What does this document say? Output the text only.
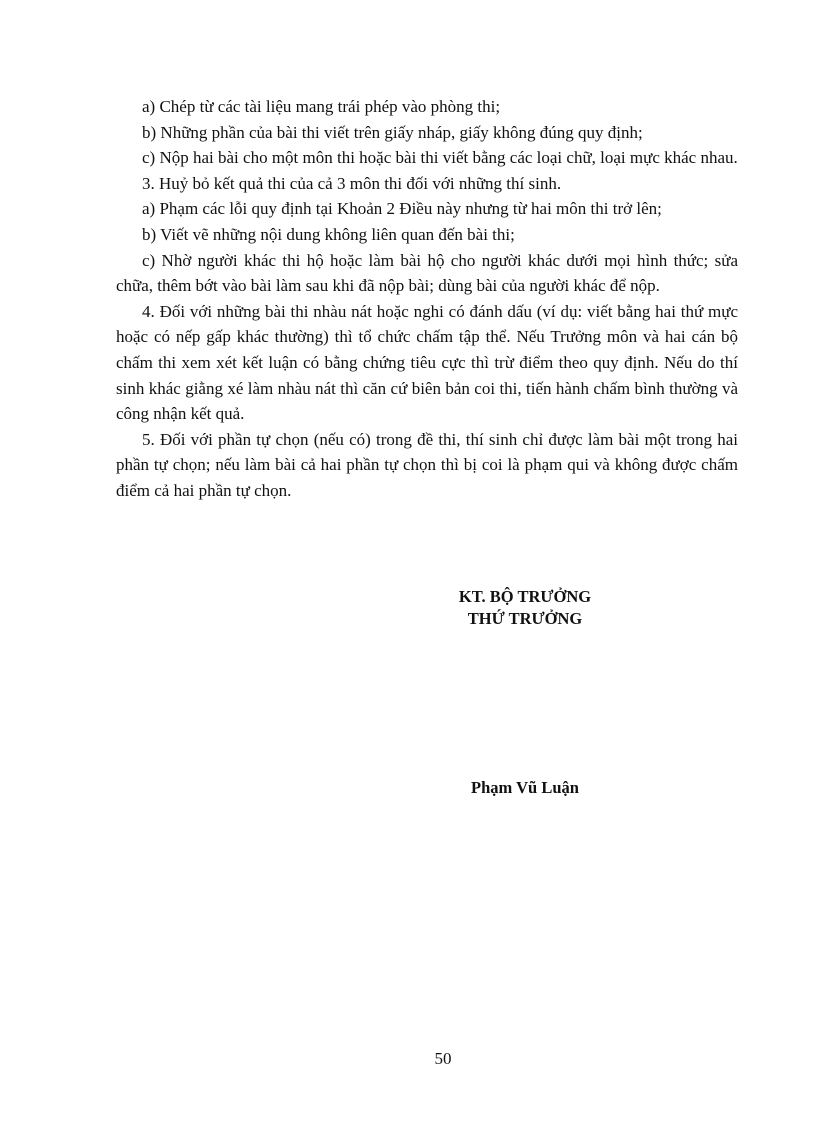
a) Chép từ các tài liệu mang trái phép vào phòng thi;

b) Những phần của bài thi viết trên giấy nháp, giấy không đúng quy định;

c) Nộp hai bài cho một môn thi hoặc bài thi viết bằng các loại chữ, loại mực khác nhau.

3. Huỷ bỏ kết quả thi của cả 3 môn thi đối với những thí sinh.

a) Phạm các lỗi quy định tại Khoản 2 Điều này nhưng từ hai môn thi trở lên;

b) Viết vẽ những nội dung không liên quan đến bài thi;

c) Nhờ người khác thi hộ hoặc làm bài hộ cho người khác dưới mọi hình thức; sửa chữa, thêm bớt vào bài làm sau khi đã nộp bài; dùng bài của người khác để nộp.

4. Đối với những bài thi nhàu nát hoặc nghi có đánh dấu (ví dụ: viết bằng hai thứ mực hoặc có nếp gấp khác thường) thì tổ chức chấm tập thể. Nếu Trưởng môn và hai cán bộ chấm thi xem xét kết luận có bằng chứng tiêu cực thì trừ điểm theo quy định. Nếu do thí sinh khác giằng xé làm nhàu nát thì căn cứ biên bản coi thi, tiến hành chấm bình thường và công nhận kết quả.

5. Đối với phần tự chọn (nếu có) trong đề thi, thí sinh chỉ được làm bài một trong hai phần tự chọn; nếu làm bài cả hai phần tự chọn thì bị coi là phạm qui và không được chấm điểm cả hai phần tự chọn.

KT. BỘ TRƯỞNG
THỨ TRƯỞNG
Phạm Vũ Luận
50
